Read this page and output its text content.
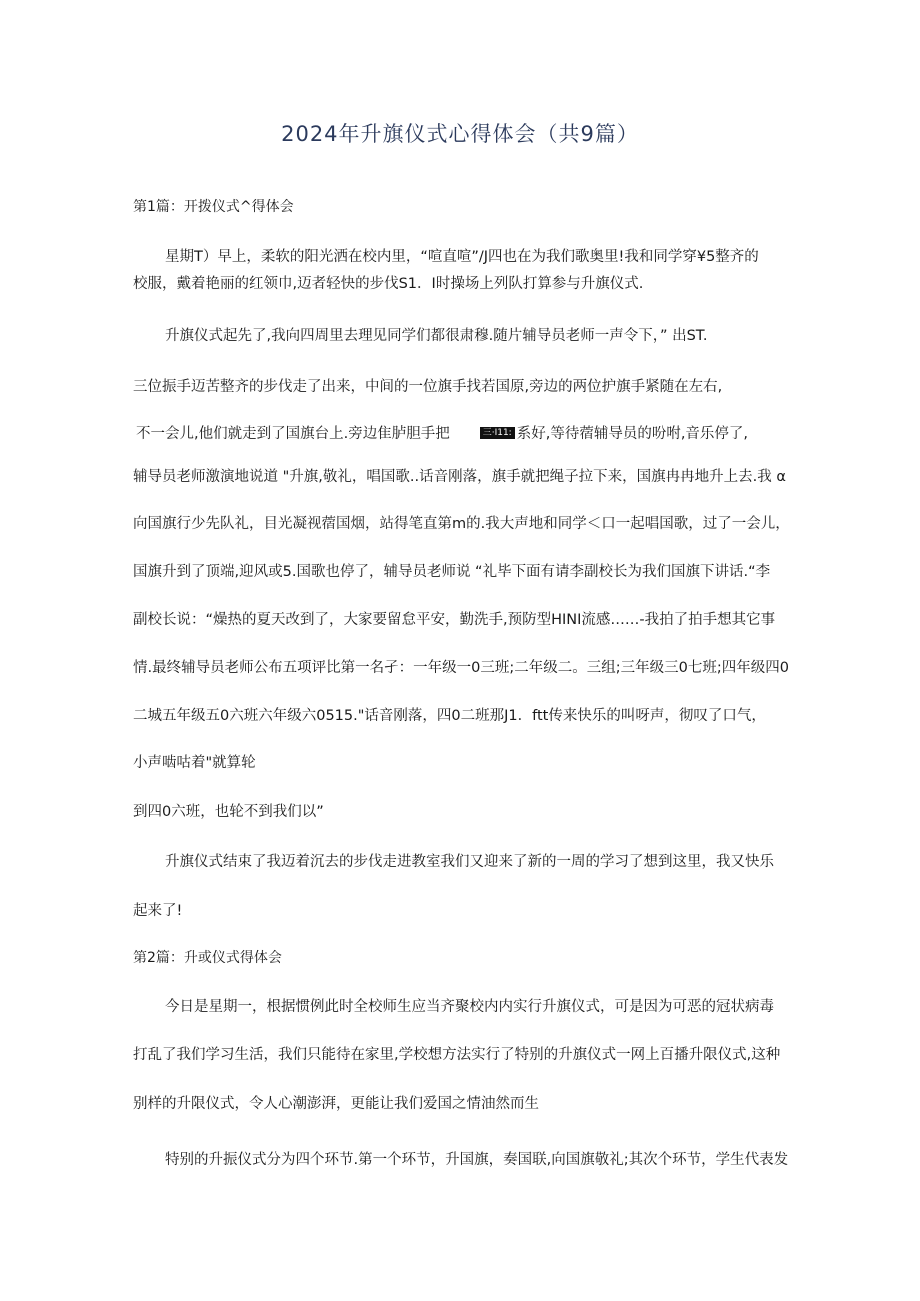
2024年升旗仪式心得体会（共9篇）
第1篇：开拨仪式^得体会
星期T）早上，柔软的阳光洒在校内里，“喧直喧”/J四也在为我们歌奥里!我和同学穿¥5整齐的
校服，戴着艳丽的红领巾,迈者轻快的步伐S1．I时操场上列队打算参与升旗仪式.
升旗仪式起先了,我向四周里去理见同学们都很肃穆.随片辅导员老师一声令下，” 出ST.
三位振手迈苦整齐的步伐走了出来，中间的一位旗手找若国原,旁边的两位护旗手紧随在左右,
不一会儿,他们就走到了国旗台上.旁边隹胪胆手把	三·I11: 系好,等待蓿辅导员的吩咐,音乐停了,
辅导员老师激演地说道 "升旗,敬礼，唱国歌..话音刚落，旗手就把绳子拉下来，国旗冉冉地升上去.我 α
向国旗行少先队礼，目光凝视蓿国烟，站得笔直第m的.我大声地和同学＜口一起唱国歌，过了一会儿，
国旗升到了顶端,迎风或5.国歌也停了，辅导员老师说 “礼毕下面有请李副校长为我们国旗下讲话.“李
副校长说：“燥热的夏天改到了，大家要留怠平安，勤洗手,预防型HINI流感……-我拍了拍手想其它事
情.最终辅导员老师公布五项评比第一名孑：一年级一0三班;二年级二。三组;三年级三0七班;四年级四0
二城五年级五0六班六年级六0515."话音刚落，四0二班那J1．ftt传来快乐的叫呀声，彻叹了口气，
小声啮咕着"就算轮
到四0六班，也轮不到我们以”
升旗仪式结束了我迈着沉去的步伐走进教室我们又迎来了新的一周的学习了想到这里，我又快乐
起来了!
第2篇：升或仪式得体会
今日是星期一，根据惯例此时全校师生应当齐聚校内内实行升旗仪式，可是因为可恶的冠状病毒
打乱了我们学习生活，我们只能待在家里,学校想方法实行了特别的升旗仪式一网上百播升限仪式,这种
别样的升限仪式，令人心潮澎湃，更能让我们爱国之情油然而生
特别的升振仪式分为四个环节.第一个环节，升国旗，奏国联,向国旗敬礼;其次个环节，学生代表发
